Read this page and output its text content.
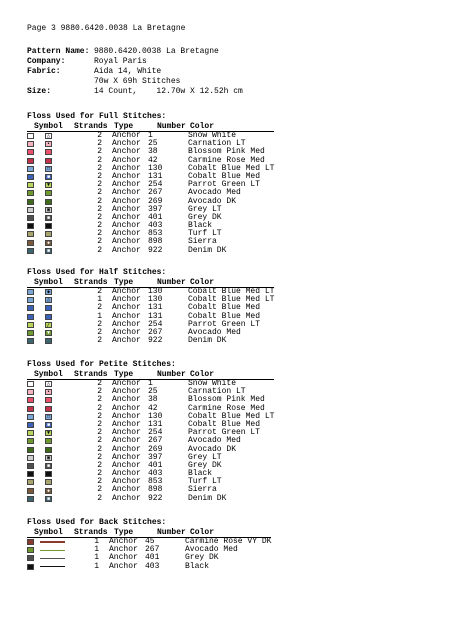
Page 3 9880.6420.0038 La Bretagne
Pattern Name: 9880.6420.0038 La Bretagne
Company:	Royal Paris
Fabric:	Aida 14, White
70w X 69h Stitches
Size:	14 Count,    12.70w X 12.52h cm
Floss Used for Full Stitches:
Symbol	Strands Type	Number Color
△	2 Anchor 1	Snow White
•	2 Anchor 25	Carnation LT
2 Anchor 38	Blossom Pink Med
2 Anchor 42	Carmine Rose Med
□	2 Anchor 130	Cobalt Blue Med LT
■	2 Anchor 131	Cobalt Blue Med
▼	2 Anchor 254	Parrot Green LT
2 Anchor 267	Avocado Med
2 Anchor 269	Avocado DK
▣	2 Anchor 397	Grey LT
■	2 Anchor 401	Grey DK
2 Anchor 403	Black
2 Anchor 853	Turf LT
✚	2 Anchor 898	Sierra
■	2 Anchor 922	Denim DK
Floss Used for Half Stitches:
Symbol	Strands Type	Number Color
◆	2 Anchor 130	Cobalt Blue Med LT
△	1 Anchor 130	Cobalt Blue Med LT
2 Anchor 131	Cobalt Blue Med
1 Anchor 131	Cobalt Blue Med
╱	2 Anchor 254	Parrot Green LT
▼	2 Anchor 267	Avocado Med
2 Anchor 922	Denim DK
Floss Used for Petite Stitches:
Symbol	Strands Type	Number Color
△	2 Anchor 1	Snow White
•	2 Anchor 25	Carnation LT
2 Anchor 38	Blossom Pink Med
2 Anchor 42	Carmine Rose Med
□	2 Anchor 130	Cobalt Blue Med LT
■	2 Anchor 131	Cobalt Blue Med
▼	2 Anchor 254	Parrot Green LT
2 Anchor 267	Avocado Med
2 Anchor 269	Avocado DK
▣	2 Anchor 397	Grey LT
■	2 Anchor 401	Grey DK
2 Anchor 403	Black
2 Anchor 853	Turf LT
✚	2 Anchor 898	Sierra
■	2 Anchor 922	Denim DK
Floss Used for Back Stitches:
Symbol	Strands Type	Number Color
1 Anchor 45	Carmine Rose VY DK
1 Anchor 267	Avocado Med
1 Anchor 401	Grey DK
1 Anchor 403	Black
